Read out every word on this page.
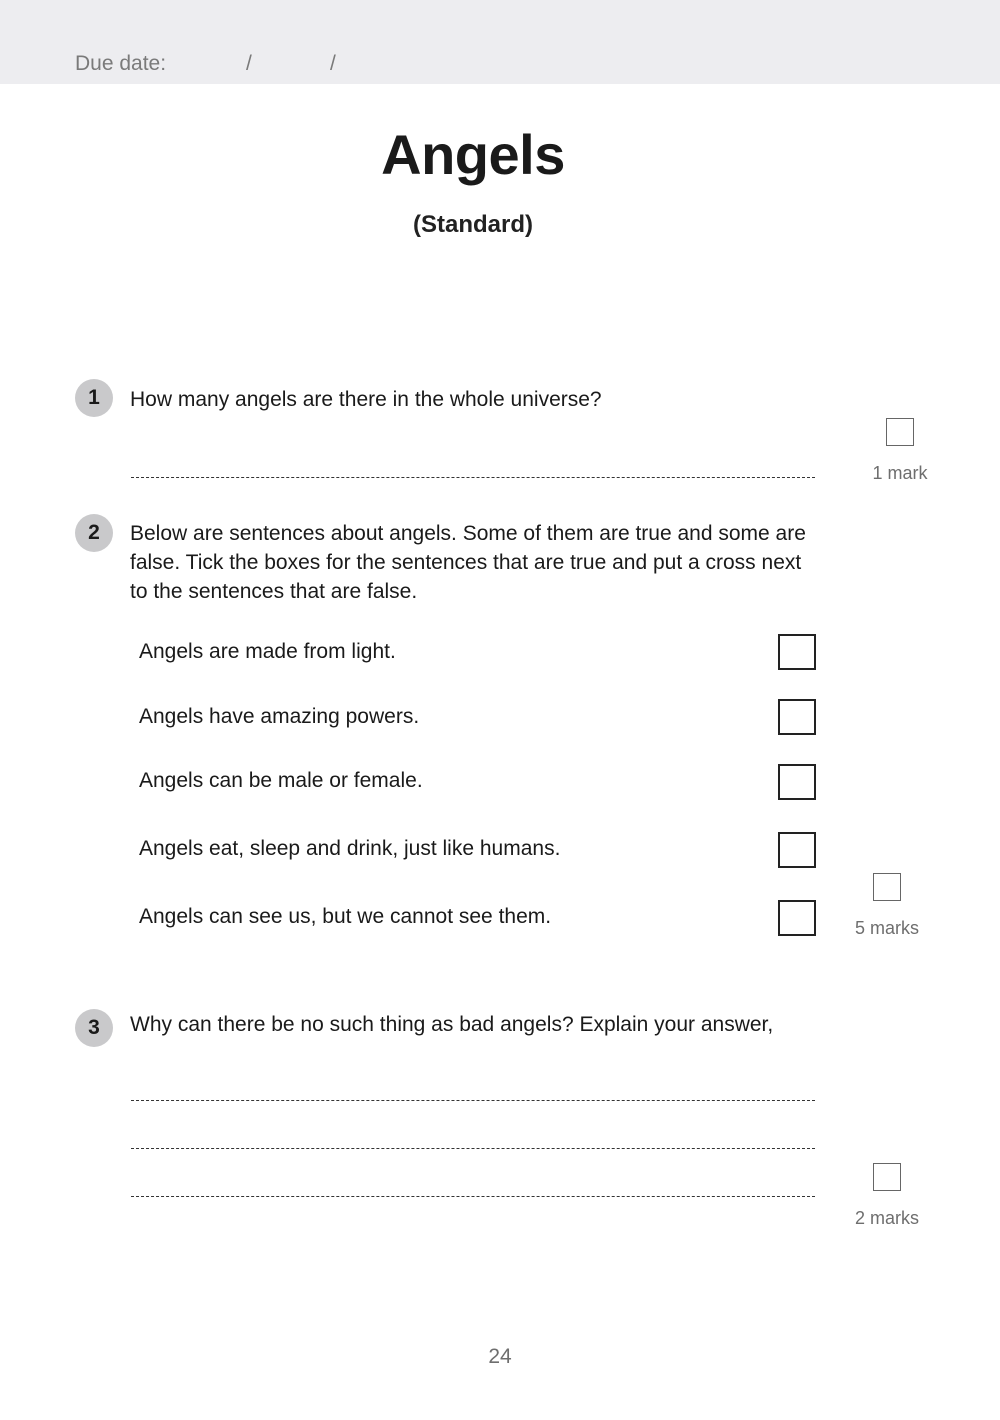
Due date:	/	/
Angels
(Standard)
1	How many angels are there in the whole universe?
1 mark
2	Below are sentences about angels. Some of them are true and some are false. Tick the boxes for the sentences that are true and put a cross next to the sentences that are false.
Angels are made from light.
Angels have amazing powers.
Angels can be male or female.
Angels eat, sleep and drink, just like humans.
Angels can see us, but we cannot see them.	5 marks
3	Why can there be no such thing as bad angels? Explain your answer,
2 marks
24
